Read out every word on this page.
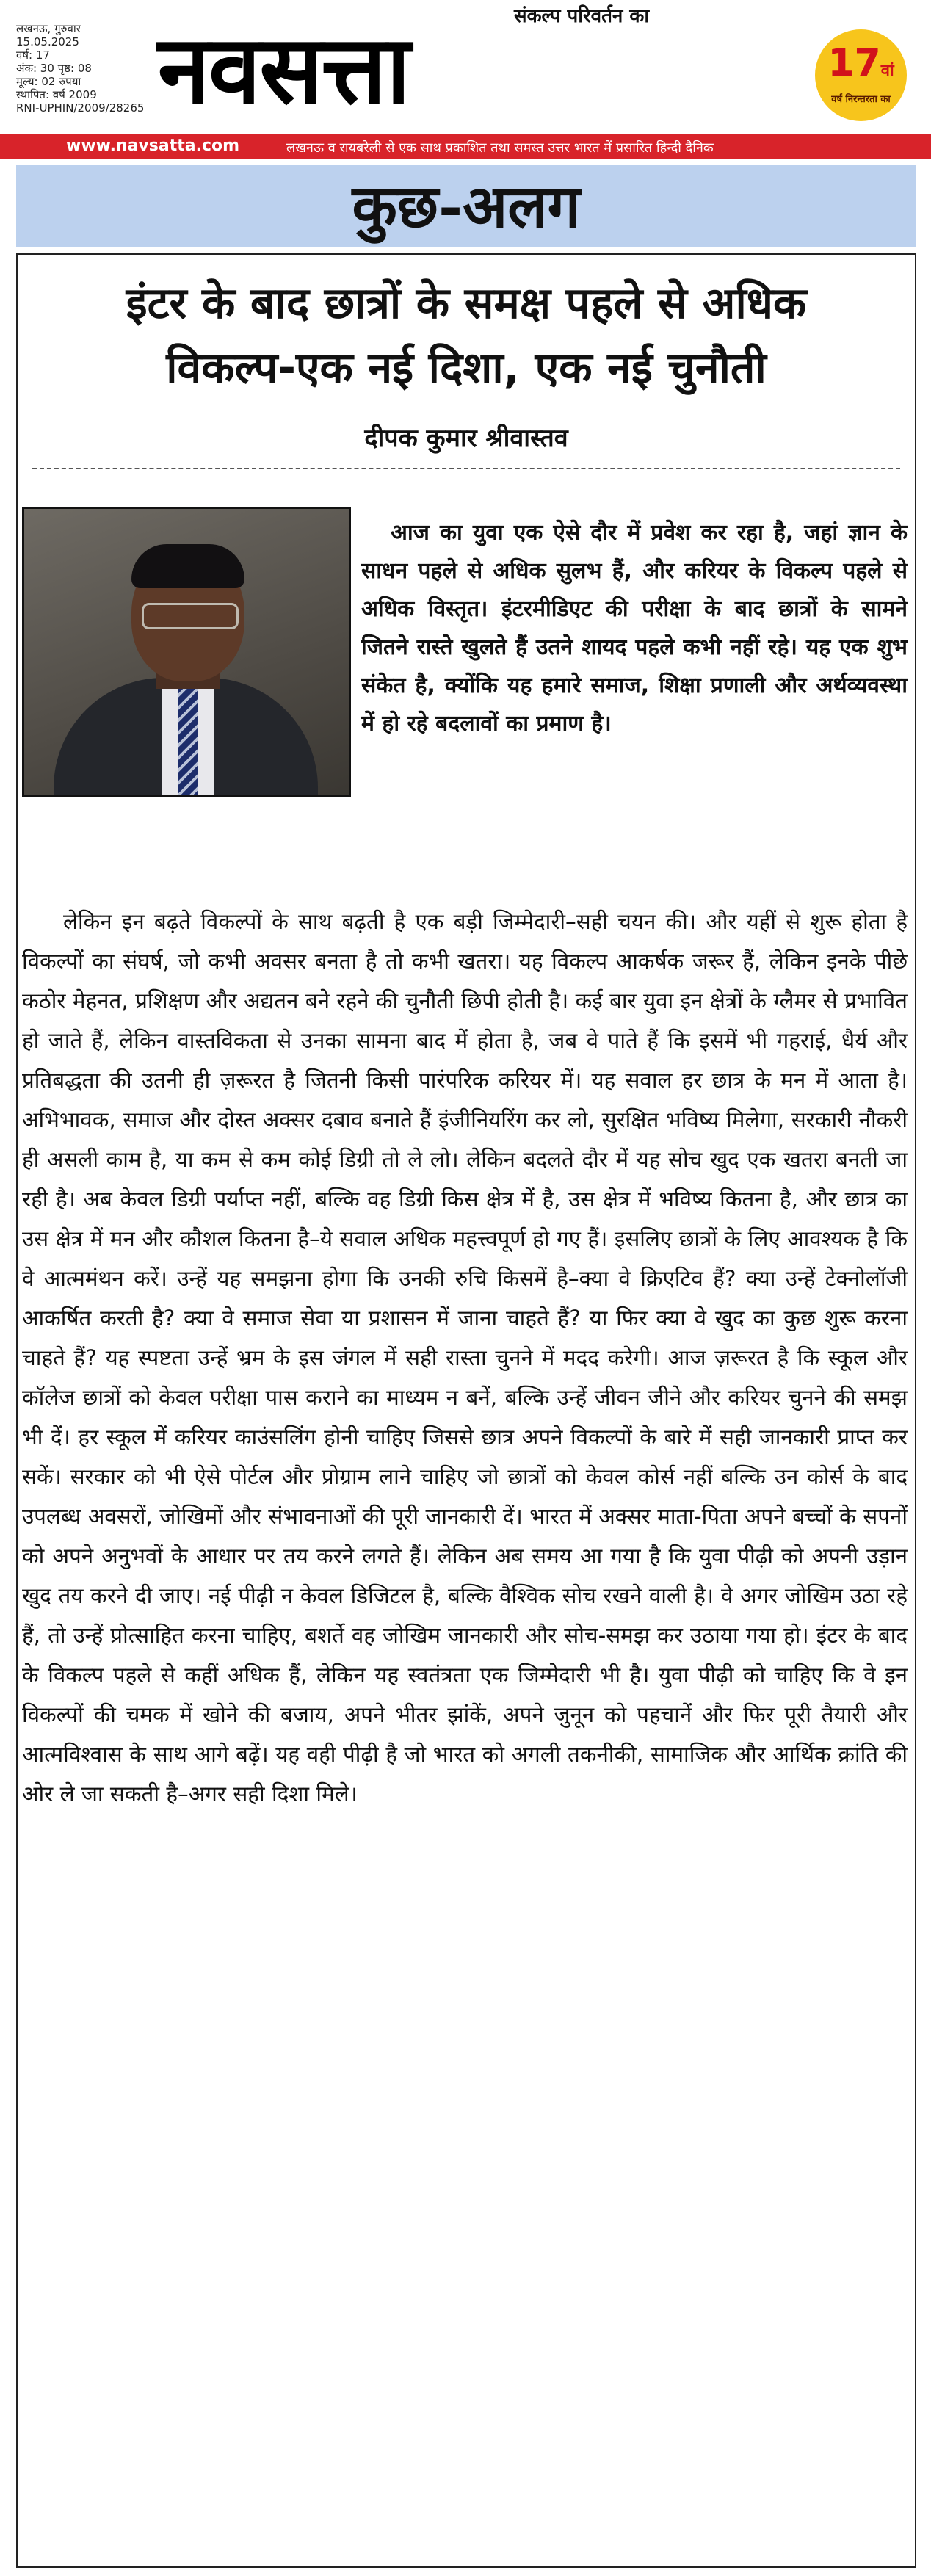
संकल्प परिवर्तन का
लखनऊ, गुरुवार
15.05.2025
वर्ष: 17
अंक: 30 पृष्ठ: 08
मूल्य: 02 रुपया
स्थापित: वर्ष 2009
RNI-UPHIN/2009/28265 नवसत्ता	17वां
वर्ष निरन्तरता का
www.navsatta.com	लखनऊ व रायबरेली से एक साथ प्रकाशित तथा समस्त उत्तर भारत में प्रसारित हिन्दी दैनिक
कुछ-अलग
इंटर के बाद छात्रों के समक्ष पहले से अधिक
विकल्प-एक नई दिशा, एक नई चुनौती
दीपक कुमार श्रीवास्तव
आज का युवा एक ऐसे दौर में प्रवेश कर रहा है, जहां ज्ञान के साधन पहले से अधिक सुलभ हैं, और करियर के विकल्प पहले से अधिक विस्तृत। इंटरमीडिएट की परीक्षा के बाद छात्रों के सामने जितने रास्ते खुलते हैं उतने शायद पहले कभी नहीं रहे। यह एक शुभ संकेत है, क्योंकि यह हमारे समाज, शिक्षा प्रणाली और अर्थव्यवस्था में हो रहे बदलावों का प्रमाण है।
लेकिन इन बढ़ते विकल्पों के साथ बढ़ती है एक बड़ी जिम्मेदारी–सही चयन की। और यहीं से शुरू होता है विकल्पों का संघर्ष, जो कभी अवसर बनता है तो कभी खतरा। यह विकल्प आकर्षक जरूर हैं, लेकिन इनके पीछे कठोर मेहनत, प्रशिक्षण और अद्यतन बने रहने की चुनौती छिपी होती है। कई बार युवा इन क्षेत्रों के ग्लैमर से प्रभावित हो जाते हैं, लेकिन वास्तविकता से उनका सामना बाद में होता है, जब वे पाते हैं कि इसमें भी गहराई, धैर्य और प्रतिबद्धता की उतनी ही ज़रूरत है जितनी किसी पारंपरिक करियर में। यह सवाल हर छात्र के मन में आता है। अभिभावक, समाज और दोस्त अक्सर दबाव बनाते हैं इंजीनियरिंग कर लो, सुरक्षित भविष्य मिलेगा, सरकारी नौकरी ही असली काम है, या कम से कम कोई डिग्री तो ले लो। लेकिन बदलते दौर में यह सोच खुद एक खतरा बनती जा रही है। अब केवल डिग्री पर्याप्त नहीं, बल्कि वह डिग्री किस क्षेत्र में है, उस क्षेत्र में भविष्य कितना है, और छात्र का उस क्षेत्र में मन और कौशल कितना है–ये सवाल अधिक महत्त्वपूर्ण हो गए हैं। इसलिए छात्रों के लिए आवश्यक है कि वे आत्ममंथन करें। उन्हें यह समझना होगा कि उनकी रुचि किसमें है–क्या वे क्रिएटिव हैं? क्या उन्हें टेक्नोलॉजी आकर्षित करती है? क्या वे समाज सेवा या प्रशासन में जाना चाहते हैं? या फिर क्या वे खुद का कुछ शुरू करना चाहते हैं? यह स्पष्टता उन्हें भ्रम के इस जंगल में सही रास्ता चुनने में मदद करेगी। आज ज़रूरत है कि स्कूल और कॉलेज छात्रों को केवल परीक्षा पास कराने का माध्यम न बनें, बल्कि उन्हें जीवन जीने और करियर चुनने की समझ भी दें। हर स्कूल में करियर काउंसलिंग होनी चाहिए जिससे छात्र अपने विकल्पों के बारे में सही जानकारी प्राप्त कर सकें। सरकार को भी ऐसे पोर्टल और प्रोग्राम लाने चाहिए जो छात्रों को केवल कोर्स नहीं बल्कि उन कोर्स के बाद उपलब्ध अवसरों, जोखिमों और संभावनाओं की पूरी जानकारी दें। भारत में अक्सर माता-पिता अपने बच्चों के सपनों को अपने अनुभवों के आधार पर तय करने लगते हैं। लेकिन अब समय आ गया है कि युवा पीढ़ी को अपनी उड़ान खुद तय करने दी जाए। नई पीढ़ी न केवल डिजिटल है, बल्कि वैश्विक सोच रखने वाली है। वे अगर जोखिम उठा रहे हैं, तो उन्हें प्रोत्साहित करना चाहिए, बशर्ते वह जोखिम जानकारी और सोच-समझ कर उठाया गया हो। इंटर के बाद के विकल्प पहले से कहीं अधिक हैं, लेकिन यह स्वतंत्रता एक जिम्मेदारी भी है। युवा पीढ़ी को चाहिए कि वे इन विकल्पों की चमक में खोने की बजाय, अपने भीतर झांकें, अपने जुनून को पहचानें और फिर पूरी तैयारी और आत्मविश्वास के साथ आगे बढ़ें। यह वही पीढ़ी है जो भारत को अगली तकनीकी, सामाजिक और आर्थिक क्रांति की ओर ले जा सकती है–अगर सही दिशा मिले।
